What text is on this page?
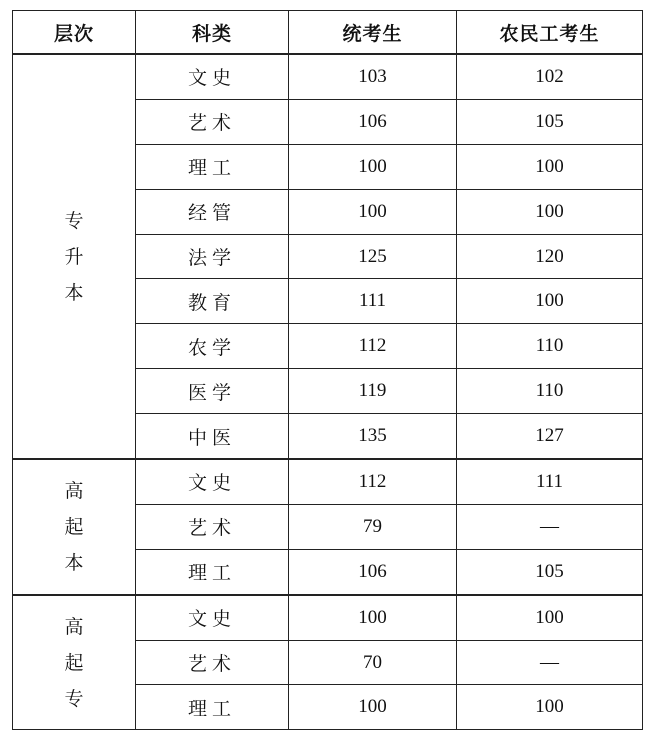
层次	科类	统考生	农民工考生
专升本	文史	103	102
	艺术	106	105
	理工	100	100
	经管	100	100
	法学	125	120
	教育	111	100
	农学	112	110
	医学	119	110
	中医	135	127
高起本	文史	112	111
	艺术	79	—
	理工	106	105
高起专	文史	100	100
	艺术	70	—
	理工	100	100
